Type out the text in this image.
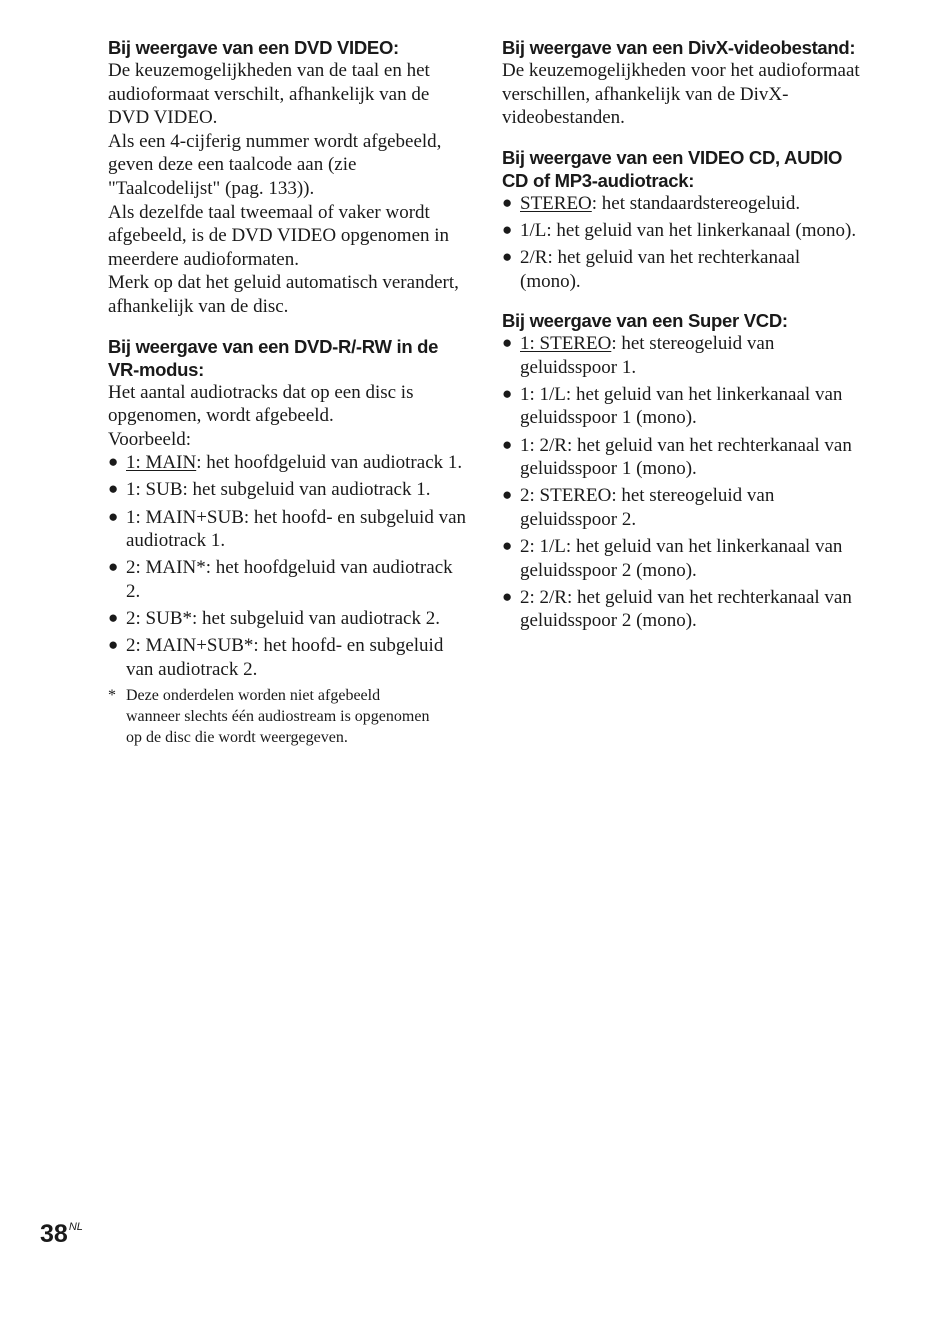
Bij weergave van een DVD VIDEO:
De keuzemogelijkheden van de taal en het audioformaat verschilt, afhankelijk van de DVD VIDEO.
Als een 4-cijferig nummer wordt afgebeeld, geven deze een taalcode aan (zie "Taalcodelijst" (pag. 133)).
Als dezelfde taal tweemaal of vaker wordt afgebeeld, is de DVD VIDEO opgenomen in meerdere audioformaten.
Merk op dat het geluid automatisch verandert, afhankelijk van de disc.
Bij weergave van een DVD-R/-RW in de VR-modus:
Het aantal audiotracks dat op een disc is opgenomen, wordt afgebeeld.
Voorbeeld:
● 1: MAIN: het hoofdgeluid van audiotrack 1.
● 1: SUB: het subgeluid van audiotrack 1.
● 1: MAIN+SUB: het hoofd- en subgeluid van audiotrack 1.
● 2: MAIN*: het hoofdgeluid van audiotrack 2.
● 2: SUB*: het subgeluid van audiotrack 2.
● 2: MAIN+SUB*: het hoofd- en subgeluid van audiotrack 2.
* Deze onderdelen worden niet afgebeeld wanneer slechts één audiostream is opgenomen op de disc die wordt weergegeven.
Bij weergave van een DivX-videobestand:
De keuzemogelijkheden voor het audioformaat verschillen, afhankelijk van de DivX-videobestanden.
Bij weergave van een VIDEO CD, AUDIO CD of MP3-audiotrack:
● STEREO: het standaardstereogeluid.
● 1/L: het geluid van het linkerkanaal (mono).
● 2/R: het geluid van het rechterkanaal (mono).
Bij weergave van een Super VCD:
● 1: STEREO: het stereogeluid van geluidsspoor 1.
● 1: 1/L: het geluid van het linkerkanaal van geluidsspoor 1 (mono).
● 1: 2/R: het geluid van het rechterkanaal van geluidsspoor 1 (mono).
● 2: STEREO: het stereogeluid van geluidsspoor 2.
● 2: 1/L: het geluid van het linkerkanaal van geluidsspoor 2 (mono).
● 2: 2/R: het geluid van het rechterkanaal van geluidsspoor 2 (mono).
$38^{NL}$
